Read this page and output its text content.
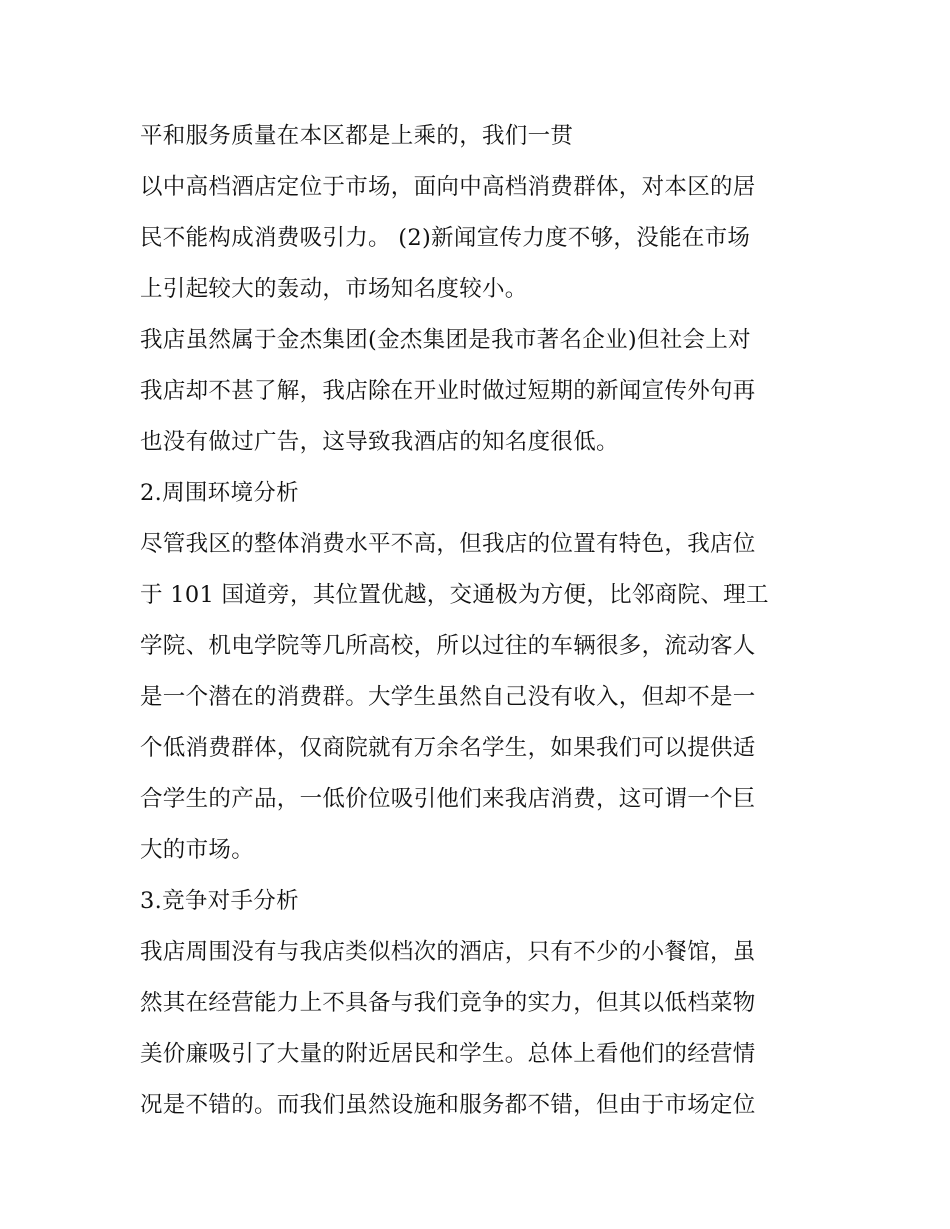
平和服务质量在本区都是上乘的，我们一贯
以中高档酒店定位于市场，面向中高档消费群体，对本区的居
民不能构成消费吸引力。 (2)新闻宣传力度不够，没能在市场
上引起较大的轰动，市场知名度较小。
我店虽然属于金杰集团(金杰集团是我市著名企业)但社会上对
我店却不甚了解，我店除在开业时做过短期的新闻宣传外句再
也没有做过广告，这导致我酒店的知名度很低。
2.周围环境分析
尽管我区的整体消费水平不高，但我店的位置有特色，我店位
于 101 国道旁，其位置优越，交通极为方便，比邻商院、理工
学院、机电学院等几所高校，所以过往的车辆很多，流动客人
是一个潜在的消费群。大学生虽然自己没有收入，但却不是一
个低消费群体，仅商院就有万余名学生，如果我们可以提供适
合学生的产品，一低价位吸引他们来我店消费，这可谓一个巨
大的市场。
3.竞争对手分析
我店周围没有与我店类似档次的酒店，只有不少的小餐馆，虽
然其在经营能力上不具备与我们竞争的实力，但其以低档菜物
美价廉吸引了大量的附近居民和学生。总体上看他们的经营情
况是不错的。而我们虽然设施和服务都不错，但由于市场定位
